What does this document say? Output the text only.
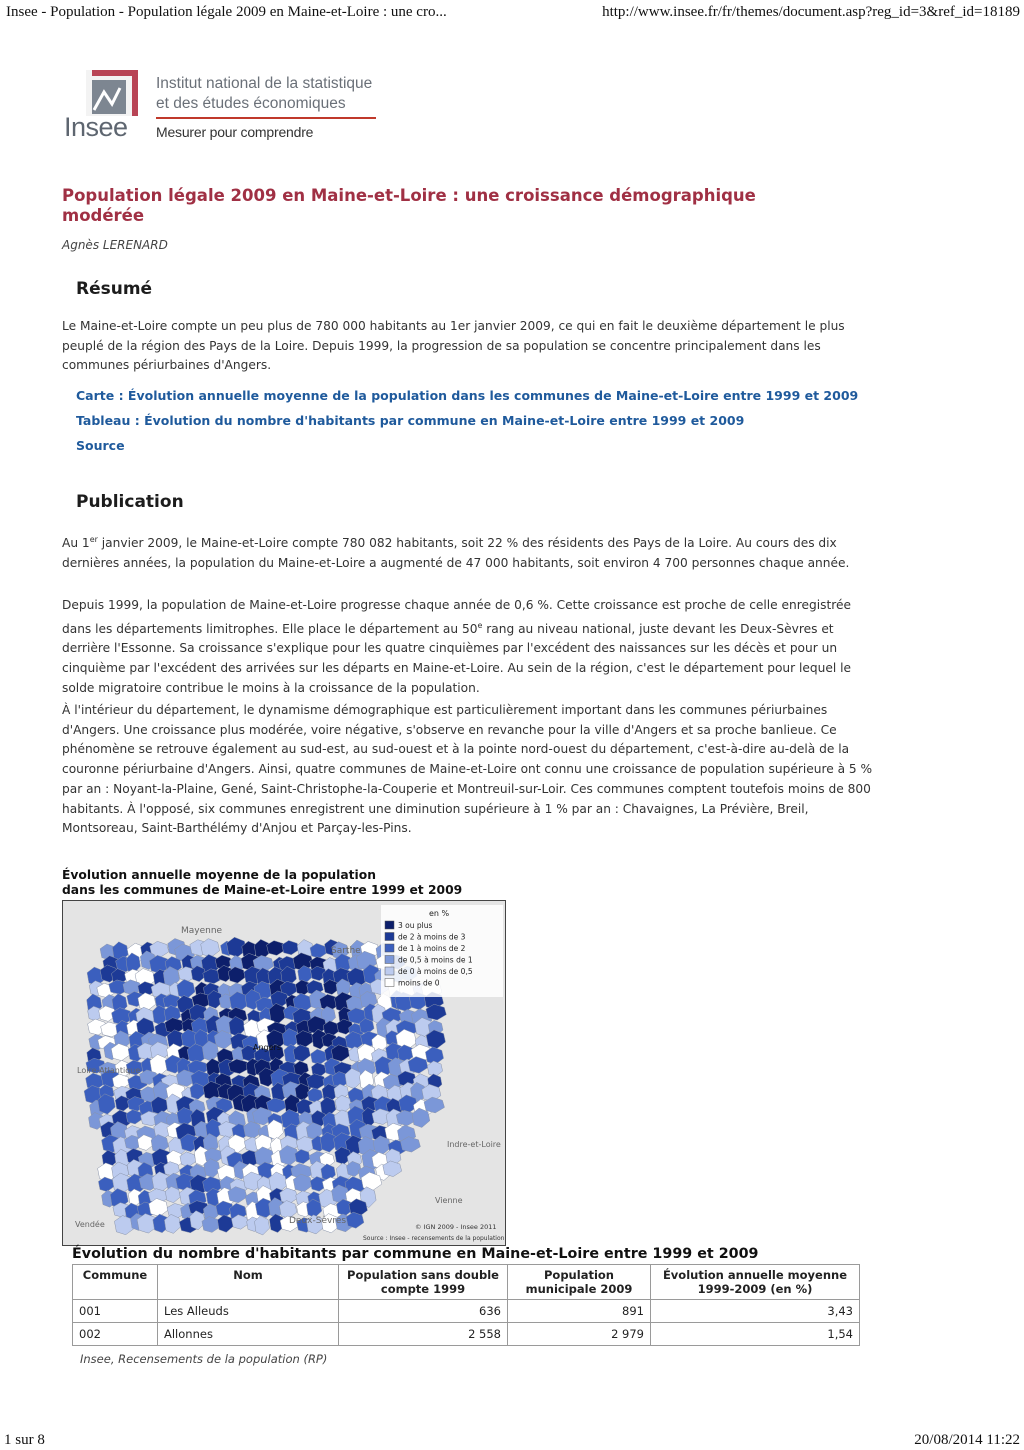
Insee - Population - Population légale 2009 en Maine-et-Loire : une cro...	http://www.insee.fr/fr/themes/document.asp?reg_id=3&ref_id=18189
Insee
Institut national de la statistique
et des études économiques
Mesurer pour comprendre
Population légale 2009 en Maine-et-Loire : une croissance démographique modérée
Agnès LERENARD
Résumé
Le Maine-et-Loire compte un peu plus de 780 000 habitants au 1er janvier 2009, ce qui en fait le deuxième département le plus peuplé de la région des Pays de la Loire. Depuis 1999, la progression de sa population se concentre principalement dans les communes périurbaines d'Angers.
Carte : Évolution annuelle moyenne de la population dans les communes de Maine-et-Loire entre 1999 et 2009
Tableau : Évolution du nombre d'habitants par commune en Maine-et-Loire entre 1999 et 2009
Source
Publication
Au 1er janvier 2009, le Maine-et-Loire compte 780 082 habitants, soit 22 % des résidents des Pays de la Loire. Au cours des dix dernières années, la population du Maine-et-Loire a augmenté de 47 000 habitants, soit environ 4 700 personnes chaque année.
Depuis 1999, la population de Maine-et-Loire progresse chaque année de 0,6 %. Cette croissance est proche de celle enregistrée dans les départements limitrophes. Elle place le département au 50e rang au niveau national, juste devant les Deux-Sèvres et derrière l'Essonne. Sa croissance s'explique pour les quatre cinquièmes par l'excédent des naissances sur les décès et pour un cinquième par l'excédent des arrivées sur les départs en Maine-et-Loire. Au sein de la région, c'est le département pour lequel le solde migratoire contribue le moins à la croissance de la population.
À l'intérieur du département, le dynamisme démographique est particulièrement important dans les communes périurbaines d'Angers. Une croissance plus modérée, voire négative, s'observe en revanche pour la ville d'Angers et sa proche banlieue. Ce phénomène se retrouve également au sud-est, au sud-ouest et à la pointe nord-ouest du département, c'est-à-dire au-delà de la couronne périurbaine d'Angers. Ainsi, quatre communes de Maine-et-Loire ont connu une croissance de population supérieure à 5 % par an : Noyant-la-Plaine, Gené, Saint-Christophe-la-Couperie et Montreuil-sur-Loir. Ces communes comptent toutefois moins de 800 habitants. À l'opposé, six communes enregistrent une diminution supérieure à 1 % par an : Chavaignes, La Prévière, Breil, Montsoreau, Saint-Barthélémy d'Anjou et Parçay-les-Pins.
Évolution annuelle moyenne de la population
dans les communes de Maine-et-Loire entre 1999 et 2009
Mayenne
Sarthe
Loire-Atlantique
Indre-et-Loire
Deux-Sèvres
Vienne
Vendée
Angers
en %
3 ou plus
de 2 à moins de 3
de 1 à moins de 2
de 0,5 à moins de 1
de 0 à moins de 0,5
moins de 0
© IGN 2009 - Insee 2011
Source : Insee - recensements de la population
Évolution du nombre d'habitants par commune en Maine-et-Loire entre 1999 et 2009
Commune	Nom	Population sans double compte 1999	Population municipale 2009	Évolution annuelle moyenne 1999-2009 (en %)
001	Les Alleuds	636	891	3,43
002	Allonnes	2 558	2 979	1,54
Insee, Recensements de la population (RP)
1 sur 8	20/08/2014 11:22
